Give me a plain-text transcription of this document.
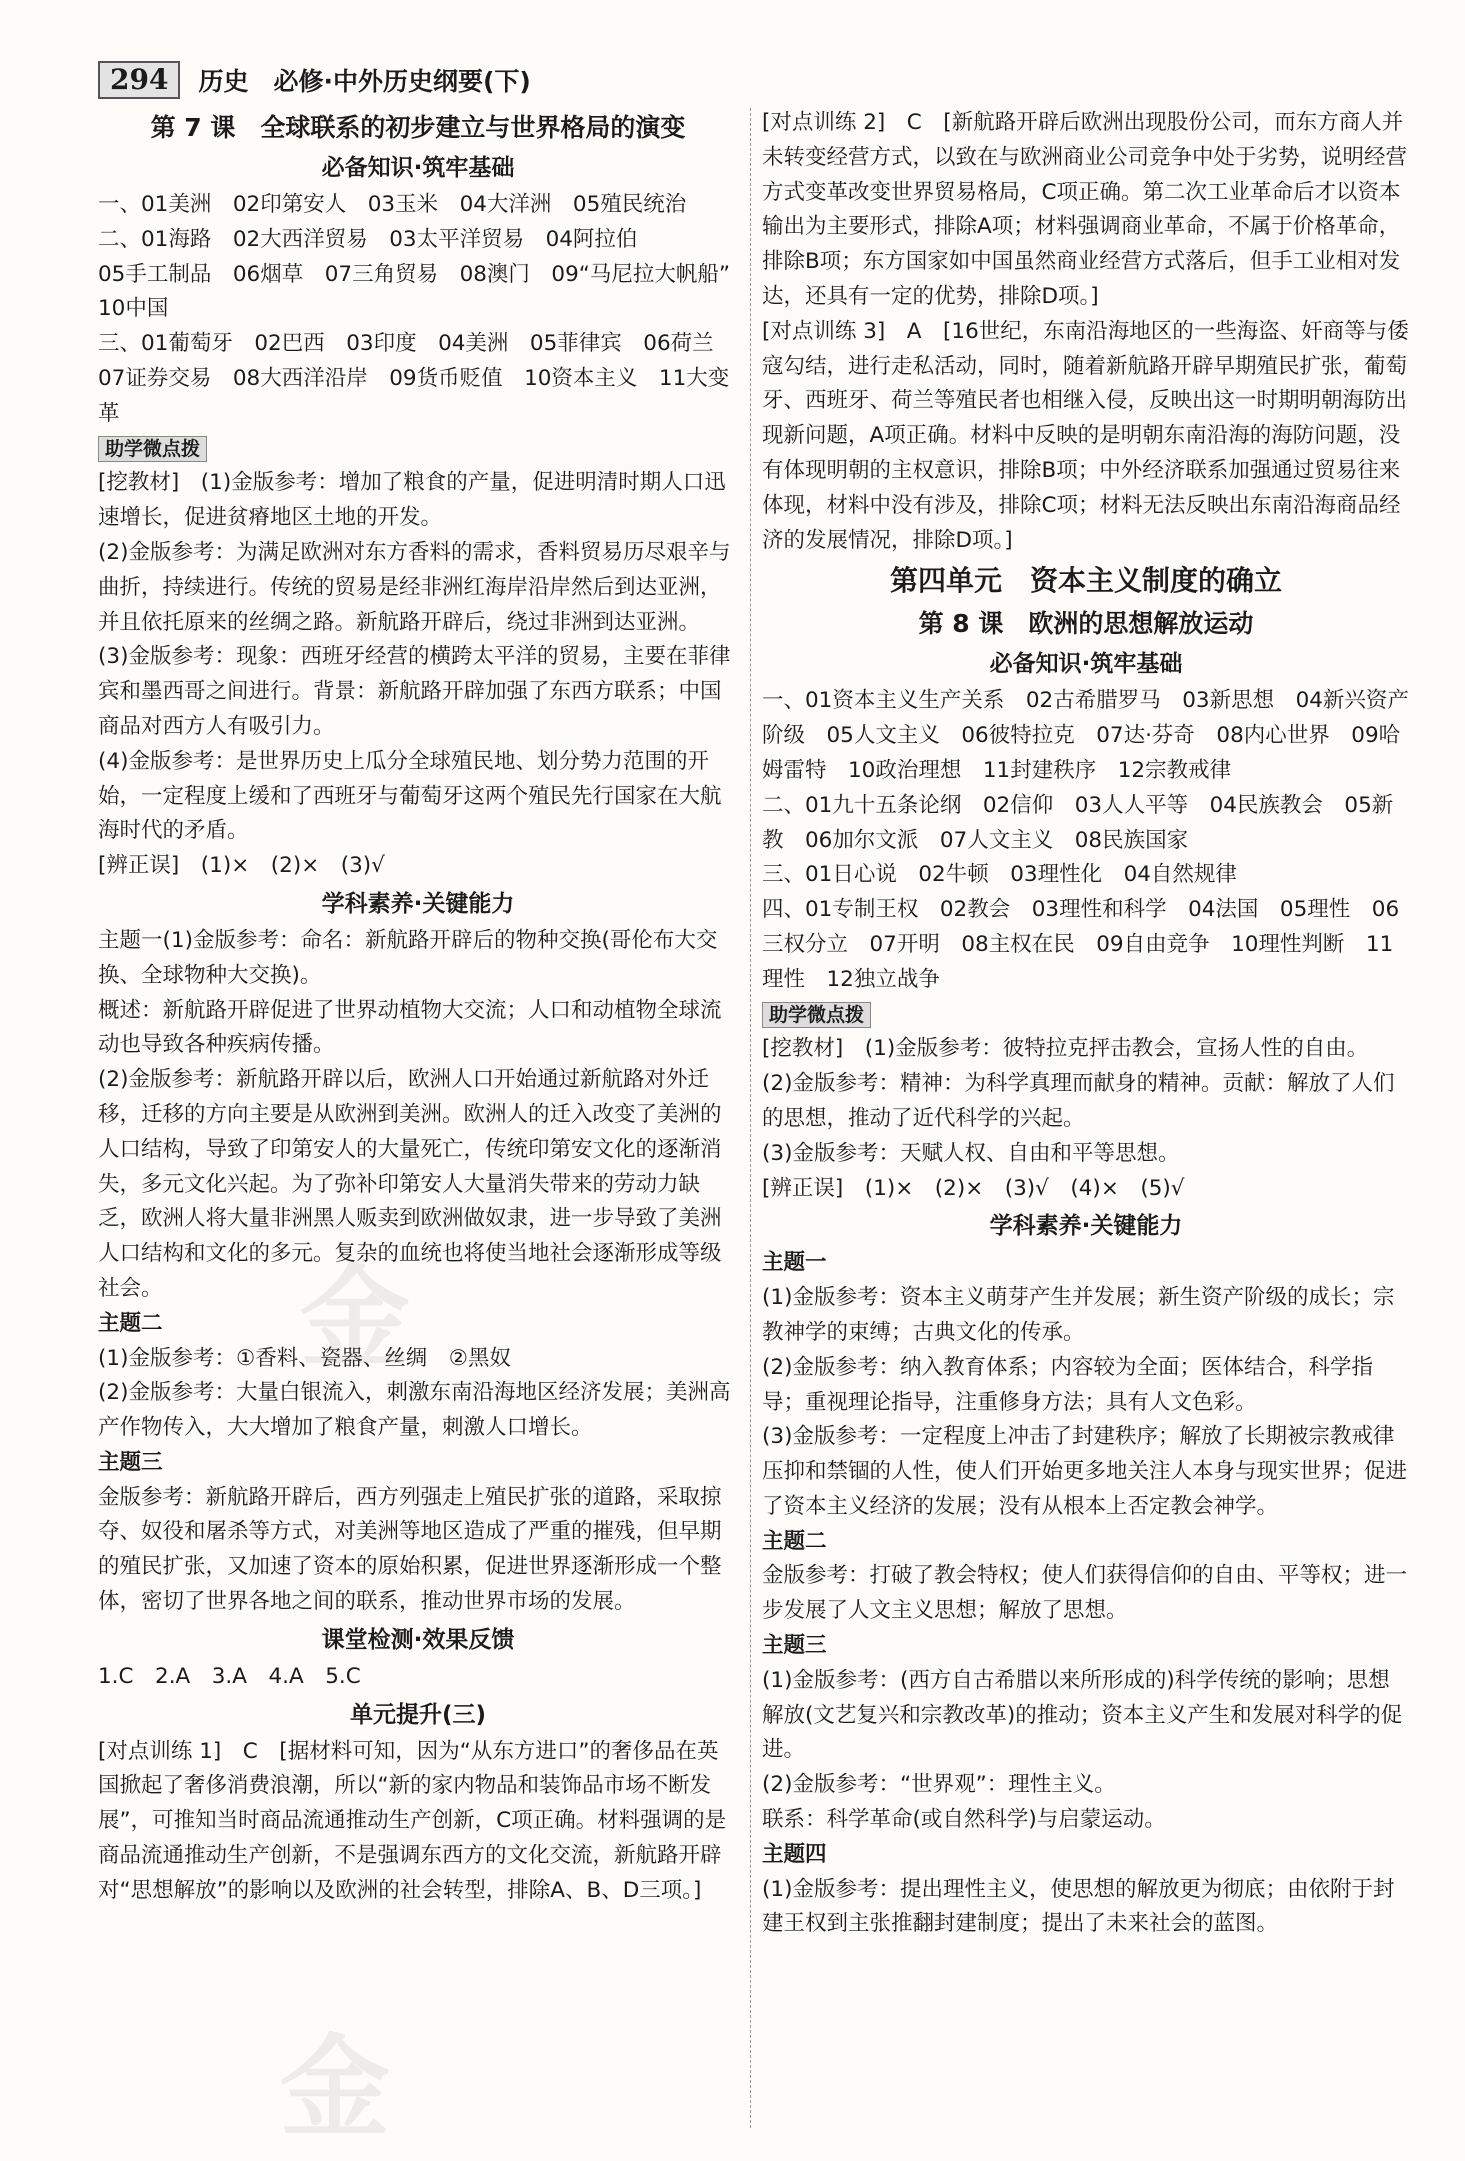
294	历史　必修·中外历史纲要(下)
第 7 课　全球联系的初步建立与世界格局的演变
必备知识·筑牢基础

一、01美洲　02印第安人　03玉米　04大洋洲　05殖民统治

二、01海路　02大西洋贸易　03太平洋贸易　04阿拉伯

05手工制品　06烟草　07三角贸易　08澳门　09“马尼拉大帆船”　10中国

三、01葡萄牙　02巴西　03印度　04美洲　05菲律宾　06荷兰　07证券交易　08大西洋沿岸　09货币贬值　10资本主义　11大变革

助学微点拨

[挖教材]　(1)金版参考：增加了粮食的产量，促进明清时期人口迅速增长，促进贫瘠地区土地的开发。

(2)金版参考：为满足欧洲对东方香料的需求，香料贸易历尽艰辛与曲折，持续进行。传统的贸易是经非洲红海岸沿岸然后到达亚洲，并且依托原来的丝绸之路。新航路开辟后，绕过非洲到达亚洲。

(3)金版参考：现象：西班牙经营的横跨太平洋的贸易，主要在菲律宾和墨西哥之间进行。背景：新航路开辟加强了东西方联系；中国商品对西方人有吸引力。

(4)金版参考：是世界历史上瓜分全球殖民地、划分势力范围的开始，一定程度上缓和了西班牙与葡萄牙这两个殖民先行国家在大航海时代的矛盾。

[辨正误]　(1)×　(2)×　(3)√

学科素养·关键能力

主题一(1)金版参考：命名：新航路开辟后的物种交换(哥伦布大交换、全球物种大交换)。

概述：新航路开辟促进了世界动植物大交流；人口和动植物全球流动也导致各种疾病传播。

(2)金版参考：新航路开辟以后，欧洲人口开始通过新航路对外迁移，迁移的方向主要是从欧洲到美洲。欧洲人的迁入改变了美洲的人口结构，导致了印第安人的大量死亡，传统印第安文化的逐渐消失，多元文化兴起。为了弥补印第安人大量消失带来的劳动力缺乏，欧洲人将大量非洲黑人贩卖到欧洲做奴隶，进一步导致了美洲人口结构和文化的多元。复杂的血统也将使当地社会逐渐形成等级社会。

主题二

(1)金版参考：①香料、瓷器、丝绸　②黑奴

(2)金版参考：大量白银流入，刺激东南沿海地区经济发展；美洲高产作物传入，大大增加了粮食产量，刺激人口增长。

主题三

金版参考：新航路开辟后，西方列强走上殖民扩张的道路，采取掠夺、奴役和屠杀等方式，对美洲等地区造成了严重的摧残，但早期的殖民扩张，又加速了资本的原始积累，促进世界逐渐形成一个整体，密切了世界各地之间的联系，推动世界市场的发展。

课堂检测·效果反馈

1.C　2.A　3.A　4.A　5.C

单元提升(三)

[对点训练 1]　C　[据材料可知，因为“从东方进口”的奢侈品在英国掀起了奢侈消费浪潮，所以“新的家内物品和装饰品市场不断发展”，可推知当时商品流通推动生产创新，C项正确。材料强调的是商品流通推动生产创新，不是强调东西方的文化交流，新航路开辟对“思想解放”的影响以及欧洲的社会转型，排除A、B、D三项。]

[对点训练 2]　C　[新航路开辟后欧洲出现股份公司，而东方商人并未转变经营方式，以致在与欧洲商业公司竞争中处于劣势，说明经营方式变革改变世界贸易格局，C项正确。第二次工业革命后才以资本输出为主要形式，排除A项；材料强调商业革命，不属于价格革命，排除B项；东方国家如中国虽然商业经营方式落后，但手工业相对发达，还具有一定的优势，排除D项。]

[对点训练 3]　A　[16世纪，东南沿海地区的一些海盗、奸商等与倭寇勾结，进行走私活动，同时，随着新航路开辟早期殖民扩张，葡萄牙、西班牙、荷兰等殖民者也相继入侵，反映出这一时期明朝海防出现新问题，A项正确。材料中反映的是明朝东南沿海的海防问题，没有体现明朝的主权意识，排除B项；中外经济联系加强通过贸易往来体现，材料中没有涉及，排除C项；材料无法反映出东南沿海商品经济的发展情况，排除D项。]

第四单元　资本主义制度的确立
第 8 课　欧洲的思想解放运动
必备知识·筑牢基础

一、01资本主义生产关系　02古希腊罗马　03新思想　04新兴资产阶级　05人文主义　06彼特拉克　07达·芬奇　08内心世界　09哈姆雷特　10政治理想　11封建秩序　12宗教戒律

二、01九十五条论纲　02信仰　03人人平等　04民族教会　05新教　06加尔文派　07人文主义　08民族国家

三、01日心说　02牛顿　03理性化　04自然规律

四、01专制王权　02教会　03理性和科学　04法国　05理性　06三权分立　07开明　08主权在民　09自由竞争　10理性判断　11理性　12独立战争

助学微点拨

[挖教材]　(1)金版参考：彼特拉克抨击教会，宣扬人性的自由。

(2)金版参考：精神：为科学真理而献身的精神。贡献：解放了人们的思想，推动了近代科学的兴起。

(3)金版参考：天赋人权、自由和平等思想。

[辨正误]　(1)×　(2)×　(3)√　(4)×　(5)√

学科素养·关键能力
主题一

(1)金版参考：资本主义萌芽产生并发展；新生资产阶级的成长；宗教神学的束缚；古典文化的传承。

(2)金版参考：纳入教育体系；内容较为全面；医体结合，科学指导；重视理论指导，注重修身方法；具有人文色彩。

(3)金版参考：一定程度上冲击了封建秩序；解放了长期被宗教戒律压抑和禁锢的人性，使人们开始更多地关注人本身与现实世界；促进了资本主义经济的发展；没有从根本上否定教会神学。

主题二

金版参考：打破了教会特权；使人们获得信仰的自由、平等权；进一步发展了人文主义思想；解放了思想。

主题三

(1)金版参考：(西方自古希腊以来所形成的)科学传统的影响；思想解放(文艺复兴和宗教改革)的推动；资本主义产生和发展对科学的促进。

(2)金版参考：“世界观”：理性主义。

联系：科学革命(或自然科学)与启蒙运动。

主题四

(1)金版参考：提出理性主义，使思想的解放更为彻底；由依附于封建王权到主张推翻封建制度；提出了未来社会的蓝图。

金
金
